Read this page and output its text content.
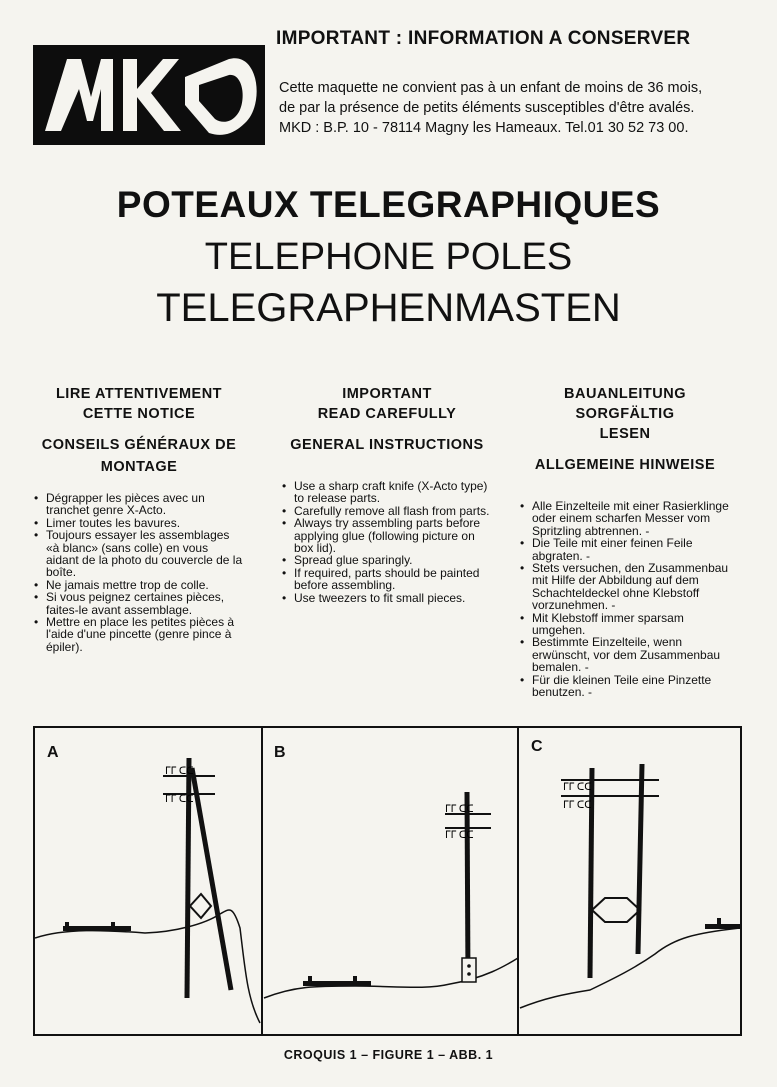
IMPORTANT : INFORMATION A CONSERVER
Cette maquette ne convient pas à un enfant de moins de 36 mois,
de par la présence de petits éléments susceptibles d'être avalés.
MKD : B.P. 10 - 78114 Magny les Hameaux. Tel.01 30 52 73 00.
POTEAUX TELEGRAPHIQUES
TELEPHONE POLES
TELEGRAPHENMASTEN
LIRE ATTENTIVEMENT
CETTE NOTICE
CONSEILS GÉNÉRAUX DE
MONTAGE
• Dégrapper les pièces avec un tranchet genre X-Acto.
• Limer toutes les bavures.
• Toujours essayer les assemblages «à blanc» (sans colle) en vous aidant de la photo du couvercle de la boîte.
• Ne jamais mettre trop de colle.
• Si vous peignez certaines pièces, faites-le avant assemblage.
• Mettre en place les petites pièces à l'aide d'une pincette (genre pince à épiler).
IMPORTANT
READ CAREFULLY
GENERAL INSTRUCTIONS
• Use a sharp craft knife (X-Acto type) to release parts.
• Carefully remove all flash from parts.
• Always try assembling parts before applying glue (following picture on box lid).
• Spread glue sparingly.
• If required, parts should be painted before assembling.
• Use tweezers to fit small pieces.
BAUANLEITUNG SORGFÄLTIG
LESEN
ALLGEMEINE HINWEISE
• Alle Einzelteile mit einer Rasierklinge oder einem scharfen Messer vom Spritzling abtrennen. -
• Die Teile mit einer feinen Feile abgraten. -
• Stets versuchen, den Zusammenbau mit Hilfe der Abbildung auf dem Schachteldeckel ohne Klebstoff vorzunehmen. -
• Mit Klebstoff immer sparsam umgehen.
• Bestimmte Einzelteile, wenn erwünscht, vor dem Zusammenbau bemalen. -
• Für die kleinen Teile eine Pinzette benutzen. -
ᒥᒥ ᑕᑕ
ᒥᒥ ᑕᑕ
ᒥᒥ ᑕᑕ
ᒥᒥ ᑕᑕ
ᒥᒥ ᑕᑕ
ᒥᒥ ᑕᑕ
A	B	C
CROQUIS 1 – FIGURE 1 – ABB. 1
